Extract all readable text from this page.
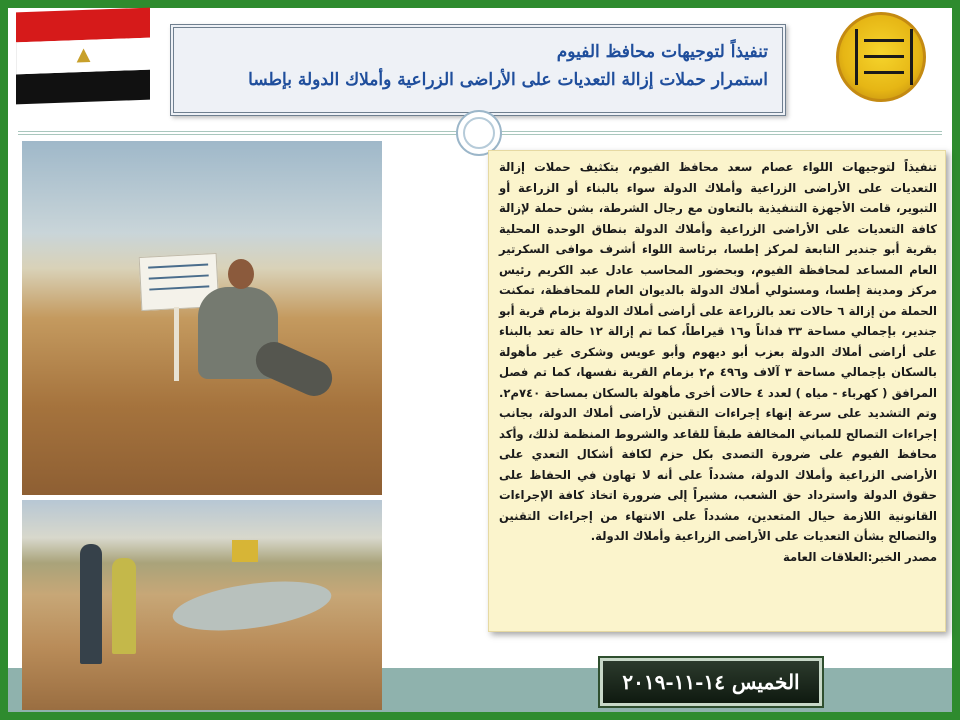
▲	تنفيذاً لتوجيهات محافظ الفيوم
استمرار حملات إزالة التعديات على الأراضى الزراعية وأملاك الدولة بإطسا

تنفيذاً لتوجيهات اللواء عصام سعد محافظ الفيوم، بتكثيف حملات إزالة التعديات على الأراضى الزراعية وأملاك الدولة سواء بالبناء أو الزراعة أو التبوير، قامت الأجهزة التنفيذية بالتعاون مع رجال الشرطة، بشن حملة لإزالة كافة التعديات على الأراضى الزراعية وأملاك الدولة بنطاق الوحدة المحلية بقرية أبو جندير التابعة لمركز إطسا، برئاسة اللواء أشرف موافى السكرتير العام المساعد لمحافظة الفيوم، وبحضور المحاسب عادل عبد الكريم رئيس مركز ومدينة إطسا، ومسئولي أملاك الدولة بالديوان العام للمحافظة، تمكنت الحملة من إزالة ٦ حالات تعد بالزراعة على أراضى أملاك الدولة بزمام قرية أبو جندير، بإجمالي مساحة ٣٣ فداناً و١٦ قيراطاً، كما تم إزالة ١٢ حالة تعد بالبناء على أراضى أملاك الدولة بعزب أبو ديهوم وأبو عويس وشكرى غير مأهولة بالسكان بإجمالي مساحة ٣ آلاف و٤٩٦ م٢ بزمام القرية نفسها، كما تم فصل المرافق ( كهرباء - مياه ) لعدد ٤ حالات أخرى مأهولة بالسكان بمساحة ٧٤٠م٢. وتم التشديد على سرعة إنهاء إجراءات التقنين لأراضى أملاك الدولة، بجانب إجراءات التصالح للمباني المخالفة طبقاً للقاعد والشروط المنظمة لذلك، وأكد محافظ الفيوم على ضرورة التصدى بكل حزم لكافة أشكال التعدي على الأراضى الزراعية وأملاك الدولة، مشدداً على أنه لا تهاون في الحفاظ على حقوق الدولة واسترداد حق الشعب، مشيراً إلى ضرورة اتخاذ كافة الإجراءات القانونية اللازمة حيال المتعدين، مشدداً على الانتهاء من إجراءات التقنين والتصالح بشأن التعديات على الأراضى الزراعية وأملاك الدولة.

مصدر الخبر:العلاقات العامة

الخميس ١٤-١١-٢٠١٩
